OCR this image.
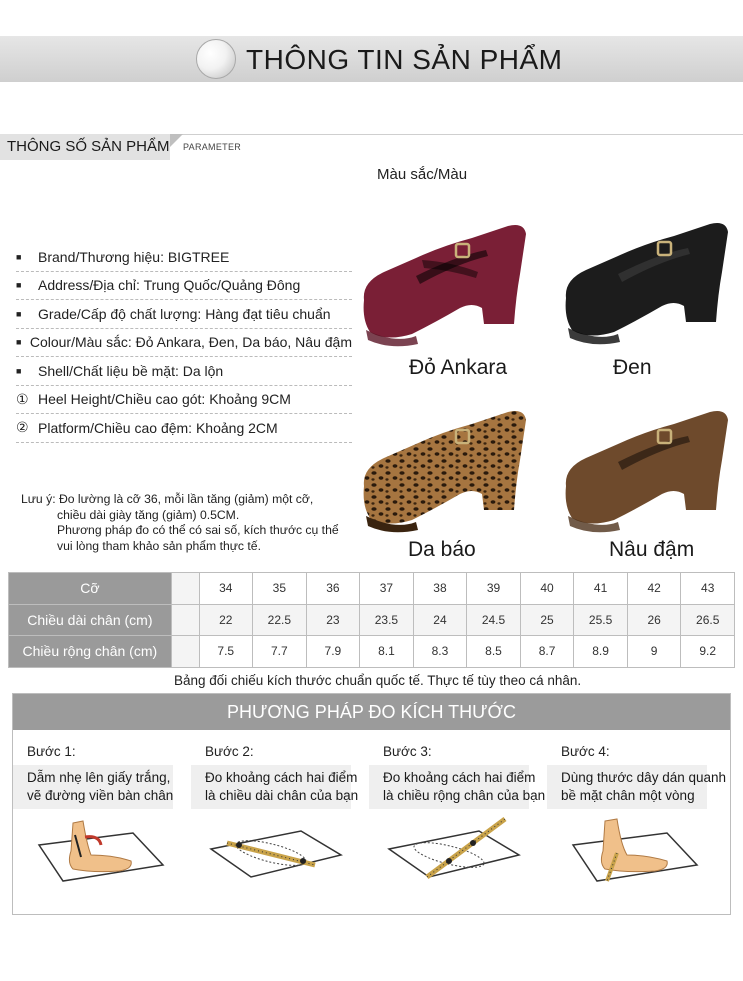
THÔNG TIN SẢN PHẨM
THÔNG SỐ SẢN PHẨM PARAMETER
Màu sắc/Màu
■	Brand/Thương hiệu: BIGTREE
■	Address/Địa chỉ: Trung Quốc/Quảng Đông
■	Grade/Cấp độ chất lượng: Hàng đạt tiêu chuẩn
■ Colour/Màu sắc: Đỏ Ankara, Đen, Da báo, Nâu đậm
■	Shell/Chất liệu bề mặt: Da lộn
① Heel Height/Chiều cao gót: Khoảng 9CM
② Platform/Chiều cao đệm: Khoảng 2CM
Lưu ý: Đo lường là cỡ 36, mỗi lần tăng (giảm) một cỡ,
chiều dài giày tăng (giảm) 0.5CM.
Phương pháp đo có thể có sai số, kích thước cụ thể
vui lòng tham khảo sản phẩm thực tế.
Đỏ Ankara	Đen
Da báo	Nâu đậm
Cỡ		34	35	36	37	38	39	40	41	42	43
Chiều dài chân (cm)		22	22.5	23	23.5	24	24.5	25	25.5	26	26.5
Chiều rộng chân (cm)		7.5	7.7	7.9	8.1	8.3	8.5	8.7	8.9	9	9.2
Bảng đối chiếu kích thước chuẩn quốc tế. Thực tế tùy theo cá nhân.
PHƯƠNG PHÁP ĐO KÍCH THƯỚC
Bước 1:
Dẫm nhẹ lên giấy trắng,
vẽ đường viền bàn chân
Bước 2:
Đo khoảng cách hai điểm
là chiều dài chân của bạn
Bước 3:
Đo khoảng cách hai điểm
là chiều rộng chân của bạn
Bước 4:
Dùng thước dây dán quanh
bề mặt chân một vòng
